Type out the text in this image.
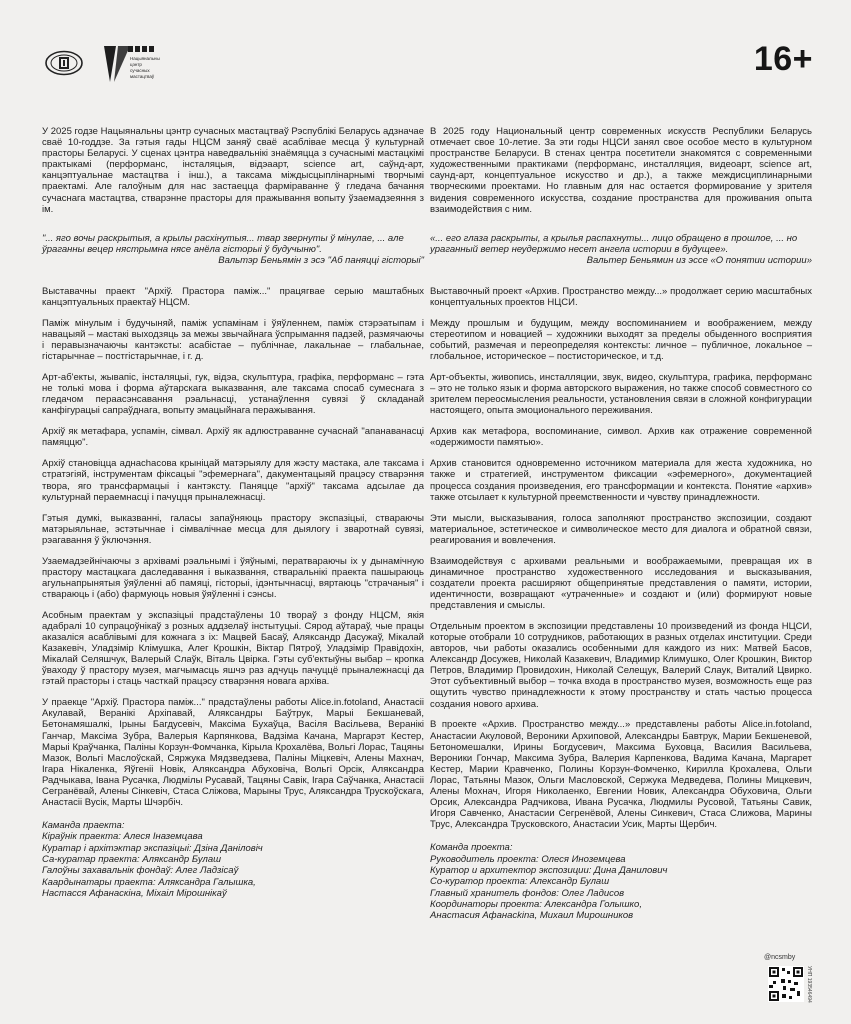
Нацыянальны
цэнтр
сучасных
мастацтваў	16+

У 2025 годзе Нацыянальны цэнтр сучасных мастацтваў Рэспублікі Беларусь адзначае сваё 10-годдзе. За гэтыя гады НЦСМ заняў сваё асаблівае месца ў культурнай прасторы Беларусі. У сценах цэнтра наведвальнікі знаёмяцца з сучаснымі мастацкімі практыкамі (перформанс, інсталяцыя, відэаарт, science art, саўнд-арт, канцэптуальнае мастацтва і інш.), а таксама міждысцыплінарнымі творчымі праектамі. Але галоўным для нас застаецца фарміраванне ў гледача бачання сучаснага мастацтва, стварэнне прасторы для пражывання вопыту ўзаемадзеяння з ім.

"... яго вочы раскрытыя, а крылы расхінутыя... твар звернуты ў мінулае, ... але ўраганны вецер нястрымна нясе анёла гісторыі ў будучыню".
Вальтэр Беньямін з эсэ "Аб паняцці гісторыі"

Выставачны праект "Архіў. Прастора паміж..." працягвае серыю маштабных канцэптуальных праектаў НЦСМ.

Паміж мінулым і будучыняй, паміж успамінам і ўяўленнем, паміж стэрэатыпам і навацыяй – мастакі выходзяць за межы звычайнага ўспрымання падзей, размячаючы і перавызначаючы кантэксты: асабістае – публічнае, лакальнае – глабальнае, гістарычнае – постгістарычнае, і г. д.

Арт-аб'екты, жывапіс, інсталяцыі, гук, відэа, скульптура, графіка, перформанс – гэта не толькі мова і форма аўтарскага выказвання, але таксама спосаб сумеснага з гледачом пераасэнсавання рэальнасці, устанаўлення сувязі ў складанай канфігурацыі сапраўднага, вопыту эмацыйнага перажывання.

Архіў як метафара, успамін, сімвал. Архіў як адлюстраванне сучаснай "апанаванасці памяццю".

Архіў становіцца аднachасова крыніцай матэрыялу для жэсту мастака, але таксама і стратэгіяй, інструментам фіксацыі "эфемернага", дакументацыяй працэсу стварэння твора, яго трансфармацыі і кантэксту. Паняцце "архіў" таксама адсылае да культурнай пераемнасці і пачуцця прыналежнасці.

Гэтыя думкі, выказванні, галасы запаўняюць прастору экспазіцыі, ствараючы матэрыяльнае, эстэтычнае і сімвалічнае месца для дыялогу і зваротнай сувязі, рэагавання ў ўключэння.

Узаемадзейнічаючы з архівамі рэальнымі і ўяўнымі, ператвараючы іх у дынамічную прастору мастацкага даследавання і выказвання, стваральнікі праекта пашыраюць агульнапрынятыя ўяўленні аб памяці, гісторыі, ідэнтычнасці, вяртаюць "страчаныя" і ствараюць і (або) фармуюць новыя ўяўленні і сэнсы.

Асобным праектам у экспазіцыі прадстаўлены 10 твораў з фонду НЦСМ, якія адабралі 10 супрацоўнікаў з розных аддзелаў інстытуцыі. Сярод аўтараў, чые працы аказаліся асаблівымі для кожнага з іх: Мацвей Басаў, Аляксандр Дасужаў, Мікалай Казакевіч, Уладзімір Клімушка, Алег Крошкін, Віктар Пятроў, Уладзімір Правідохін, Мікалай Селяшчук, Валерый Слаўк, Віталь Цвірка. Гэты суб'ектыўны выбар – кропка ўваходу ў прастору музея, магчымасць яшчэ раз адчуць пачуццё прыналежнасці да гэтай прасторы і стаць часткай працэсу стварэння новага архіва.

У праекце "Архіў. Прастора паміж..." прадстаўлены работы Alice.in.fotoland, Анастасіі Акулавай, Веранікі Архіпавай, Аляксандры Баўтрук, Марыі Бекшаневай, Бетонамяшалкі, Ірыны Багдусевіч, Максіма Бухаўца, Васіля Васільева, Веранікі Ганчар, Максіма Зубра, Валерыя Карпянкова, Вадзіма Качана, Маргарэт Кестер, Марыі Краўчанка, Паліны Корзун-Фомчанка, Кірыла Крохалёва, Вольгі Лорас, Тацяны Мазок, Вольгі Маслоўскай, Сяржука Мядзведзева, Паліны Міцкевіч, Алены Махнач, Ігара Нікаленка, Яўгеніі Новік, Аляксандра Абуховіча, Вольгі Орсік, Аляксандра Радчыкава, Івана Русачка, Людмілы Русавай, Тацяны Савік, Ігара Саўчанка, Анастасіі Сегранёвай, Алены Сінкевіч, Стаса Сліжова, Марыны Трус, Аляксандра Трускоўскага, Анастасіі Вусік, Марты Шчэрбіч.

Каманда праекта:
Кіраўнік праекта: Алеся Іназемцава
Куратар і архітэктар экспазіцыі: Дзіна Даніловіч
Са-куратар праекта: Аляксандр Булаш
Галоўны захавальнік фондаў: Алег Ладзісаў
Каардынатары праекта: Аляксандра Галышка,
Настасся Афанаскіна, Міхаіл Мірошнікаў

В 2025 году Национальный центр современных искусств Республики Беларусь отмечает свое 10-летие. За эти годы НЦСИ занял свое особое место в культурном пространстве Беларуси. В стенах центра посетители знакомятся с современными художественными практиками (перформанс, инсталляция, видеоарт, science art, саунд-арт, концептуальное искусство и др.), а также междисциплинарными творческими проектами. Но главным для нас остается формирование у зрителя видения современного искусства, создание пространства для проживания опыта взаимодействия с ним.

«... его глаза раскрыты, а крылья распахнуты... лицо обращено в прошлое, ... но ураганный ветер неудержимо несет ангела истории в будущее».
Вальтер Беньямин из эссе «О понятии истории»

Выставочный проект «Архив. Пространство между...» продолжает серию масштабных концептуальных проектов НЦСИ.

Между прошлым и будущим, между воспоминанием и воображением, между стереотипом и новацией – художники выходят за пределы обыденного восприятия событий, размечая и переопределяя контексты: личное – публичное, локальное – глобальное, историческое – постисторическое, и т.д.

Арт-объекты, живопись, инсталляции, звук, видео, скульптура, графика, перформанс – это не только язык и форма авторского выражения, но также способ совместного со зрителем переосмысления реальности, установления связи в сложной конфигурации настоящего, опыта эмоционального переживания.

Архив как метафора, воспоминание, символ. Архив как отражение современной «одержимости памятью».

Архив становится одновременно источником материала для жеста художника, но также и стратегией, инструментом фиксации «эфемерного», документацией процесса создания произведения, его трансформации и контекста. Понятие «архив» также отсылает к культурной преемственности и чувству принадлежности.

Эти мысли, высказывания, голоса заполняют пространство экспозиции, создают материальное, эстетическое и символическое место для диалога и обратной связи, реагирования и вовлечения.

Взаимодействуя с архивами реальными и воображаемыми, превращая их в динамичное пространство художественного исследования и высказывания, создатели проекта расширяют общепринятые представления о памяти, истории, идентичности, возвращают «утраченные» и создают и (или) формируют новые представления и смыслы.

Отдельным проектом в экспозиции представлены 10 произведений из фонда НЦСИ, которые отобрали 10 сотрудников, работающих в разных отделах институции. Среди авторов, чьи работы оказались особенными для каждого из них: Матвей Басов, Александр Досужев, Николай Казакевич, Владимир Климушко, Олег Крошкин, Виктор Петров, Владимир Провидохин, Николай Селещук, Валерий Слаук, Виталий Цвирко. Этот субъективный выбор – точка входа в пространство музея, возможность еще раз ощутить чувство принадлежности к этому пространству и стать частью процесса создания нового архива.

В проекте «Архив. Пространство между...» представлены работы Alice.in.fotoland, Анастасии Акуловой, Вероники Архиповой, Александры Бавтрук, Марии Бекшеневой, Бетономешалки, Ирины Богдусевич, Максима Буховца, Василия Васильева, Вероники Гончар, Максима Зубра, Валерия Карпенкова, Вадима Качана, Маргарет Кестер, Марии Кравченко, Полины Корзун-Фомченко, Кирилла Крохалева, Ольги Лорас, Татьяны Мазок, Ольги Масловской, Сержука Медведева, Полины Мицкевич, Алены Мохнач, Игоря Николаенко, Евгении Новик, Александра Обуховича, Ольги Орсик, Александра Радчикова, Ивана Русачка, Людмилы Русовой, Татьяны Савик, Игоря Савченко, Анастасии Сегренёвой, Алены Синкевич, Стаса Слижова, Марины Трус, Александра Трусковского, Анастасии Усик, Марты Щербич.

Команда проекта:
Руководитель проекта: Олеся Иноземцева
Куратор и архитектор экспозиции: Дина Данилович
Со-куратор проекта: Александр Булаш
Главный хранитель фондов: Олег Ладисов
Координаторы проекта: Александра Голышко,
Анастасия Афанасkina, Михаил Мирошников
@ncsmby
УНП 193546494
